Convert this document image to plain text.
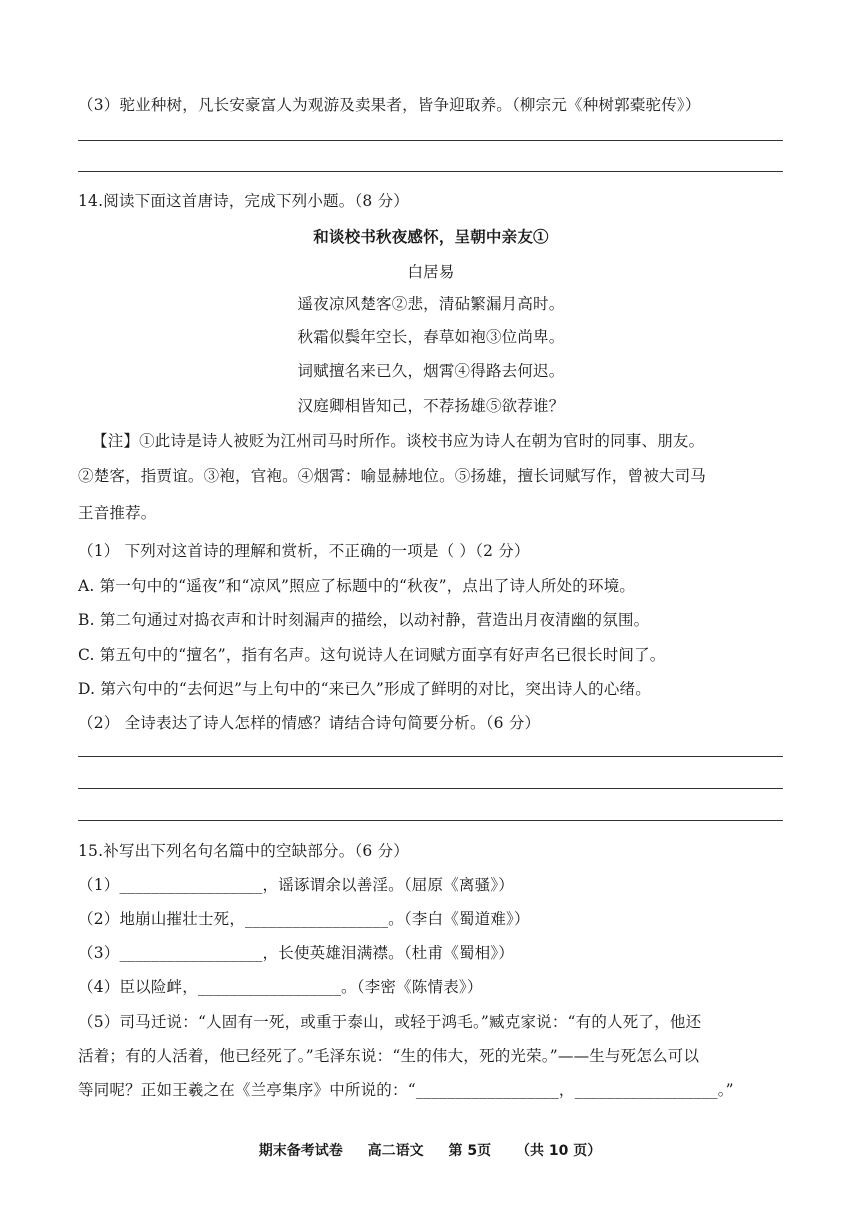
（3）驼业种树，凡长安豪富人为观游及卖果者，皆争迎取养。（柳宗元《种树郭橐驼传》）
14.阅读下面这首唐诗，完成下列小题。（8 分）
和谈校书秋夜感怀，呈朝中亲友①
白居易
遥夜凉风楚客②悲，清砧繁漏月高时。
秋霜似鬓年空长，春草如袍③位尚卑。
词赋擅名来已久，烟霄④得路去何迟。
汉庭卿相皆知己，不荐扬雄⑤欲荐谁？
【注】①此诗是诗人被贬为江州司马时所作。谈校书应为诗人在朝为官时的同事、朋友。
②楚客，指贾谊。③袍，官袍。④烟霄：喻显赫地位。⑤扬雄，擅长词赋写作，曾被大司马
王音推荐。
（1） 下列对这首诗的理解和赏析，不正确的一项是（ ）（2 分）
A. 第一句中的“遥夜”和“凉风”照应了标题中的“秋夜”，点出了诗人所处的环境。
B. 第二句通过对捣衣声和计时刻漏声的描绘，以动衬静，营造出月夜清幽的氛围。
C. 第五句中的“擅名”，指有名声。这句说诗人在词赋方面享有好声名已很长时间了。
D. 第六句中的“去何迟”与上句中的“来已久”形成了鲜明的对比，突出诗人的心绪。
（2） 全诗表达了诗人怎样的情感？请结合诗句简要分析。（6 分）
15.补写出下列名句名篇中的空缺部分。（6 分）
（1）__________________，谣诼谓余以善淫。（屈原《离骚》）
（2）地崩山摧壮士死，__________________。（李白《蜀道难》）
（3）__________________，长使英雄泪满襟。（杜甫《蜀相》）
（4）臣以险衅，__________________。（李密《陈情表》）
（5）司马迁说：“人固有一死，或重于泰山，或轻于鸿毛。”臧克家说：“有的人死了，他还
活着；有的人活着，他已经死了。”毛泽东说：“生的伟大，死的光荣。”——生与死怎么可以
等同呢？正如王羲之在《兰亭集序》中所说的：“__________________，__________________。”
期末备考试卷 高二语文 第 5页 （共 10 页）
